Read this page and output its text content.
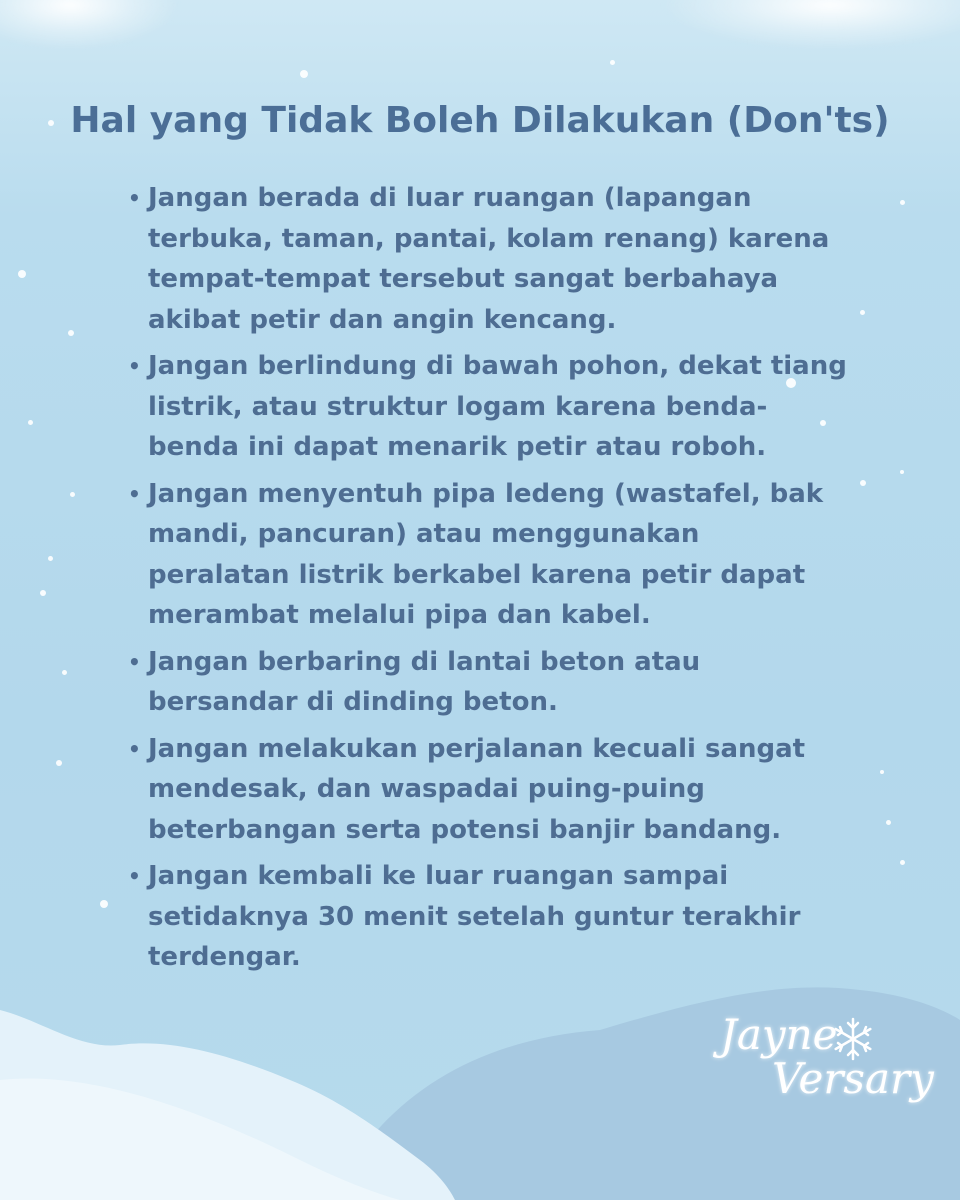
Hal yang Tidak Boleh Dilakukan (Don'ts)
• Jangan berada di luar ruangan (lapangan terbuka, taman, pantai, kolam renang) karena tempat-tempat tersebut sangat berbahaya akibat petir dan angin kencang.
• Jangan berlindung di bawah pohon, dekat tiang listrik, atau struktur logam karena benda-benda ini dapat menarik petir atau roboh.
• Jangan menyentuh pipa ledeng (wastafel, bak mandi, pancuran) atau menggunakan peralatan listrik berkabel karena petir dapat merambat melalui pipa dan kabel.
• Jangan berbaring di lantai beton atau bersandar di dinding beton.
• Jangan melakukan perjalanan kecuali sangat mendesak, dan waspadai puing-puing beterbangan serta potensi banjir bandang.
• Jangan kembali ke luar ruangan sampai setidaknya 30 menit setelah guntur terakhir terdengar.
Jayne
Versary
